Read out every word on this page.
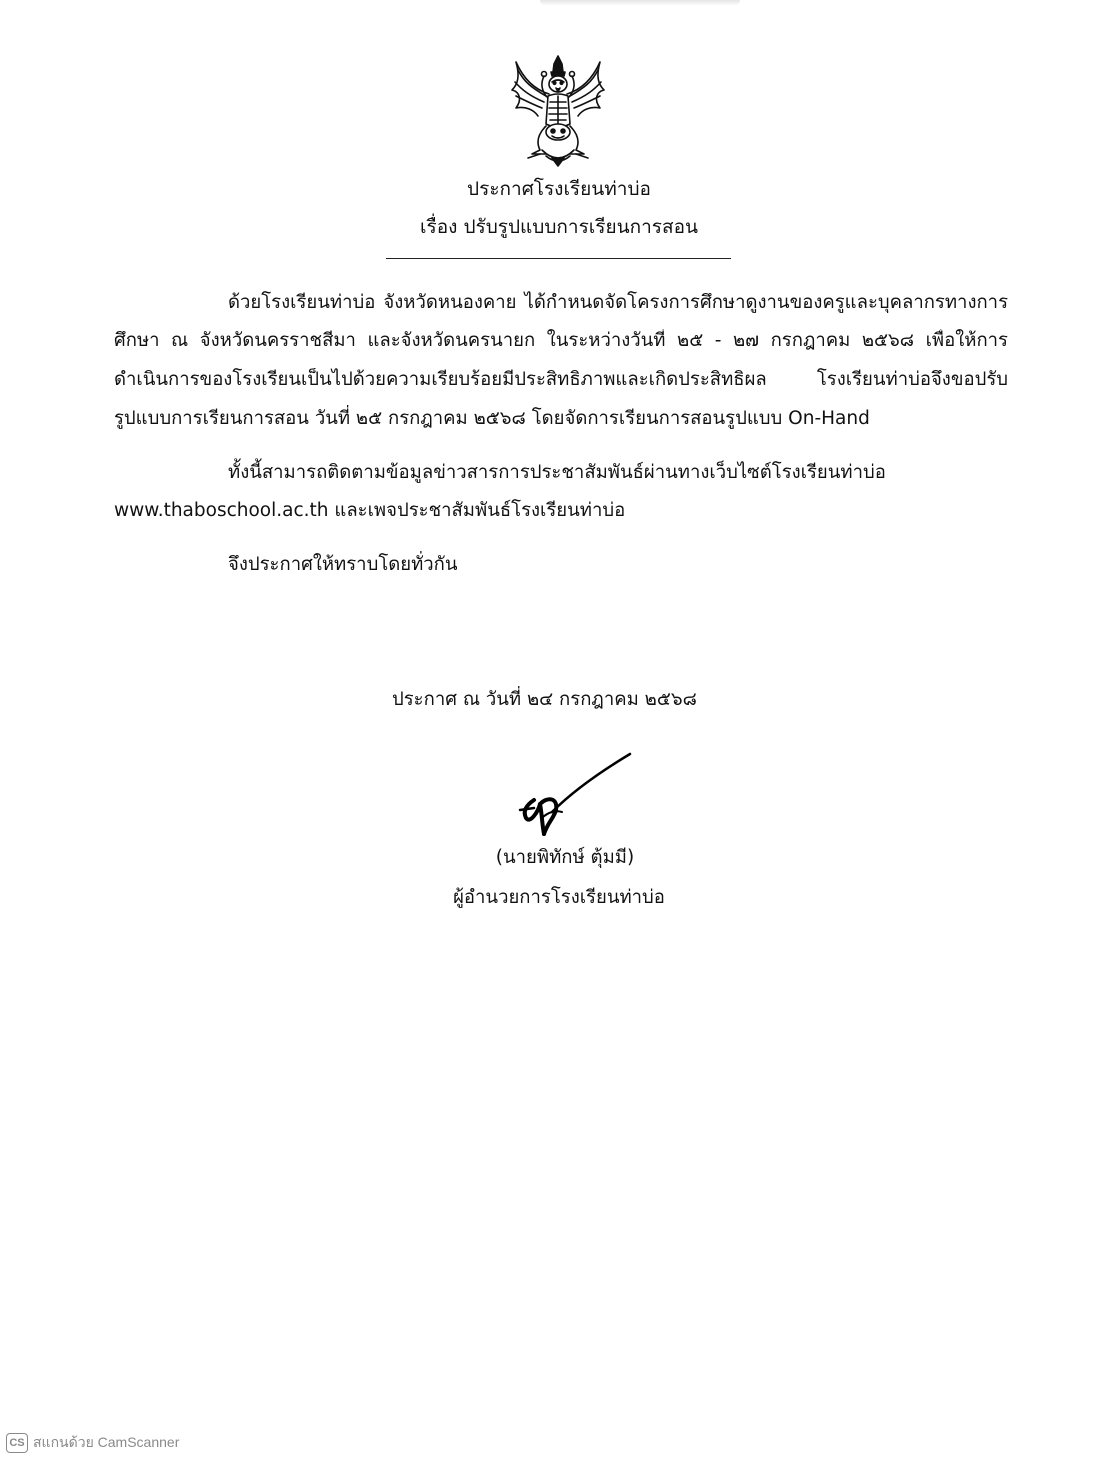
ประกาศโรงเรียนท่าบ่อ
เรื่อง ปรับรูปแบบการเรียนการสอน
ด้วยโรงเรียนท่าบ่อ จังหวัดหนองคาย ได้กำหนดจัดโครงการศึกษาดูงานของครูและบุคลากรทางการ
ศึกษา ณ จังหวัดนครราชสีมา และจังหวัดนครนายก ในระหว่างวันที่ ๒๕ - ๒๗ กรกฎาคม ๒๕๖๘ เพื่อให้การ
ดำเนินการของโรงเรียนเป็นไปด้วยความเรียบร้อยมีประสิทธิภาพและเกิดประสิทธิผล โรงเรียนท่าบ่อจึงขอปรับ
รูปแบบการเรียนการสอน วันที่ ๒๕ กรกฎาคม ๒๕๖๘ โดยจัดการเรียนการสอนรูปแบบ On-Hand
ทั้งนี้สามารถติดตามข้อมูลข่าวสารการประชาสัมพันธ์ผ่านทางเว็บไซต์โรงเรียนท่าบ่อ
www.thaboschool.ac.th และเพจประชาสัมพันธ์โรงเรียนท่าบ่อ
จึงประกาศให้ทราบโดยทั่วกัน
ประกาศ ณ วันที่ ๒๔ กรกฎาคม ๒๕๖๘
(นายพิทักษ์ ตุ้มมี)
ผู้อำนวยการโรงเรียนท่าบ่อ
CS สแกนด้วย CamScanner
